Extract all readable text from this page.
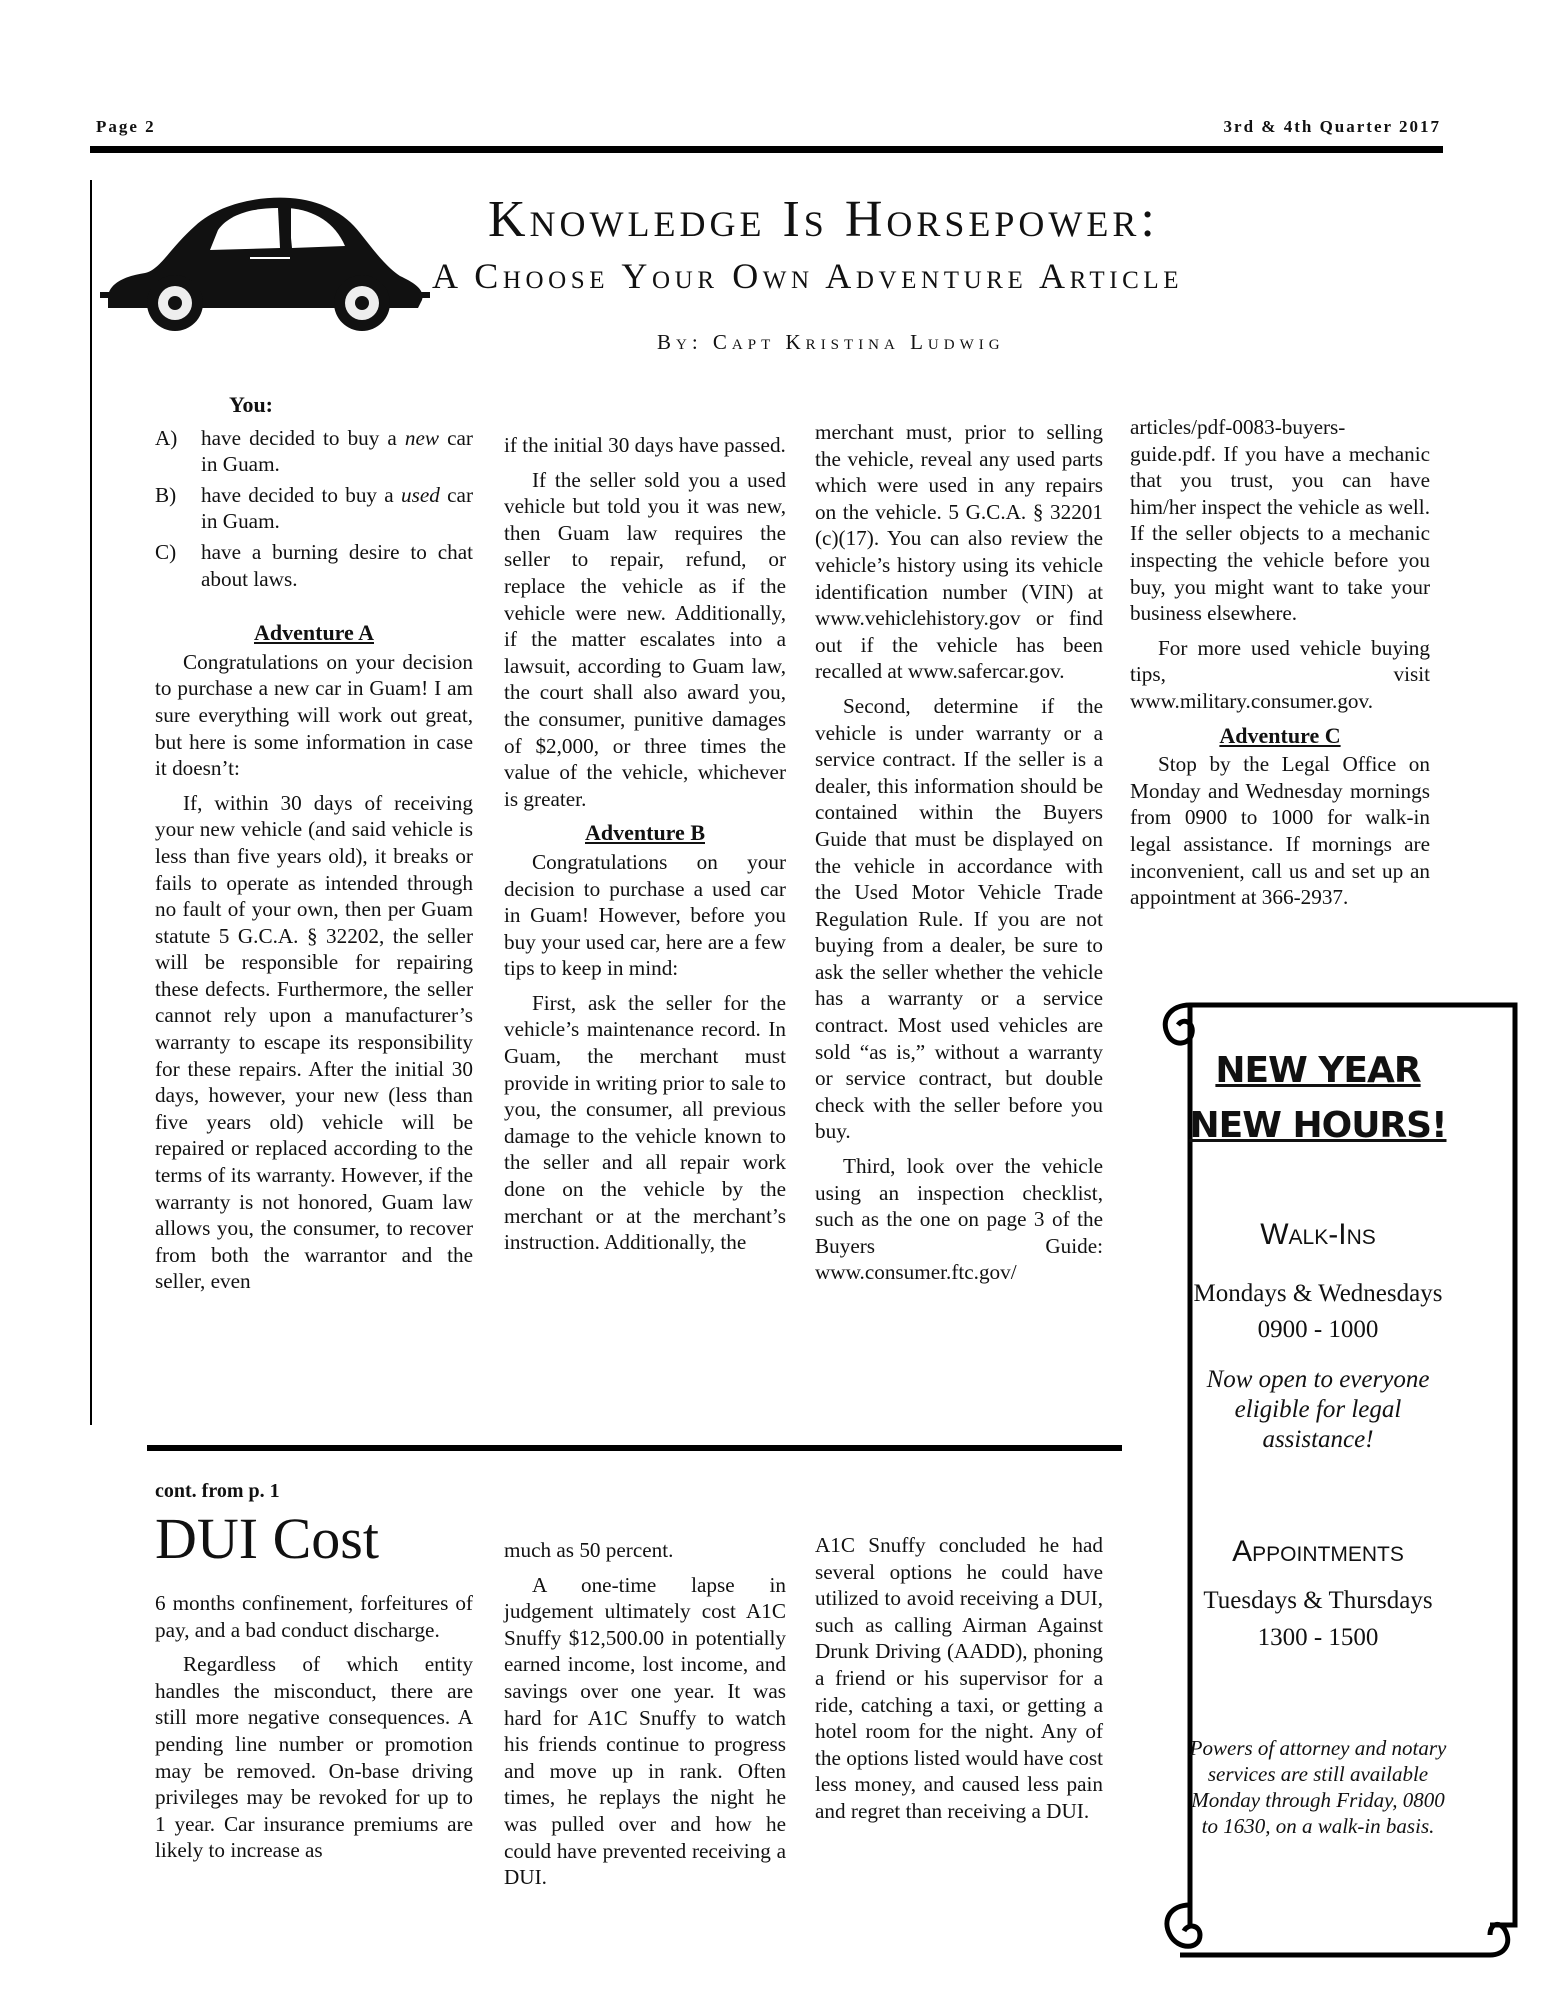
Page 2	3rd & 4th Quarter 2017
Knowledge Is Horsepower:
A Choose Your Own Adventure Article
By: Capt Kristina Ludwig
You:
A)	have decided to buy a new car in Guam.
B)	have decided to buy a used car in Guam.
C)	have a burning desire to chat about laws.
Adventure A

Congratulations on your decision to purchase a new car in Guam! I am sure everything will work out great, but here is some information in case it doesn’t:

If, within 30 days of receiving your new vehicle (and said vehicle is less than five years old), it breaks or fails to operate as intended through no fault of your own, then per Guam statute 5 G.C.A. § 32202, the seller will be responsible for repairing these defects. Furthermore, the seller cannot rely upon a manufacturer’s warranty to escape its responsibility for these repairs. After the initial 30 days, however, your new (less than five years old) vehicle will be repaired or replaced according to the terms of its warranty. However, if the warranty is not honored, Guam law allows you, the consumer, to recover from both the warrantor and the seller, even

if the initial 30 days have passed.

If the seller sold you a used vehicle but told you it was new, then Guam law requires the seller to repair, refund, or replace the vehicle as if the vehicle were new. Additionally, if the matter escalates into a lawsuit, according to Guam law, the court shall also award you, the consumer, punitive damages of $2,000, or three times the value of the vehicle, whichever is greater.

Adventure B

Congratulations on your decision to purchase a used car in Guam! However, before you buy your used car, here are a few tips to keep in mind:

First, ask the seller for the vehicle’s maintenance record. In Guam, the merchant must provide in writing prior to sale to you, the consumer, all previous damage to the vehicle known to the seller and all repair work done on the vehicle by the merchant or at the merchant’s instruction. Additionally, the

merchant must, prior to selling the vehicle, reveal any used parts which were used in any repairs on the vehicle. 5 G.C.A. § 32201 (c)(17). You can also review the vehicle’s history using its vehicle identification number (VIN) at www.vehiclehistory.gov or find out if the vehicle has been recalled at www.safercar.gov.

Second, determine if the vehicle is under warranty or a service contract. If the seller is a dealer, this information should be contained within the Buyers Guide that must be displayed on the vehicle in accordance with the Used Motor Vehicle Trade Regulation Rule. If you are not buying from a dealer, be sure to ask the seller whether the vehicle has a warranty or a service contract. Most used vehicles are sold “as is,” without a warranty or service contract, but double check with the seller before you buy.

Third, look over the vehicle using an inspection checklist, such as the one on page 3 of the Buyers Guide: www.consumer.ftc.gov/

articles/pdf-0083-buyers-guide.pdf. If you have a mechanic that you trust, you can have him/her inspect the vehicle as well. If the seller objects to a mechanic inspecting the vehicle before you buy, you might want to take your business elsewhere.

For more used vehicle buying tips, visit www.military.consumer.gov.

Adventure C

Stop by the Legal Office on Monday and Wednesday mornings from 0900 to 1000 for walk-in legal assistance. If mornings are inconvenient, call us and set up an appointment at 366-2937.

cont. from p. 1
DUI Cost

6 months confinement, forfeitures of pay, and a bad conduct discharge.

Regardless of which entity handles the misconduct, there are still more negative consequences. A pending line number or promotion may be removed. On-base driving privileges may be revoked for up to 1 year. Car insurance premiums are likely to increase as

much as 50 percent.

A one-time lapse in judgement ultimately cost A1C Snuffy $12,500.00 in potentially earned income, lost income, and savings over one year. It was hard for A1C Snuffy to watch his friends continue to progress and move up in rank. Often times, he replays the night he was pulled over and how he could have prevented receiving a DUI.

A1C Snuffy concluded he had several options he could have utilized to avoid receiving a DUI, such as calling Airman Against Drunk Driving (AADD), phoning a friend or his supervisor for a ride, catching a taxi, or getting a hotel room for the night. Any of the options listed would have cost less money, and caused less pain and regret than receiving a DUI.

NEW YEAR
NEW HOURS!
Walk-Ins
Mondays & Wednesdays
0900 - 1000
Now open to everyone eligible for legal assistance!
Appointments
Tuesdays & Thursdays
1300 - 1500
Powers of attorney and notary services are still available Monday through Friday, 0800 to 1630, on a walk-in basis.
